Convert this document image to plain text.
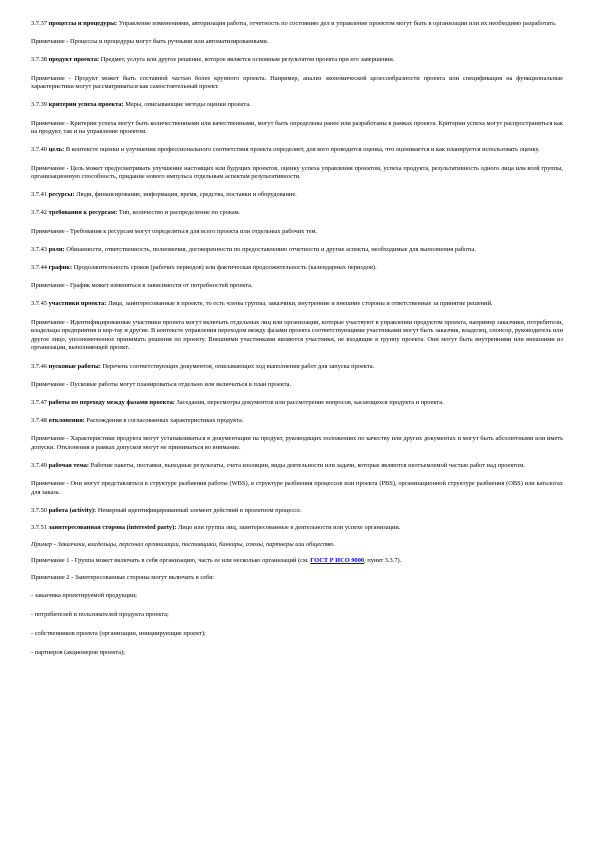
3.7.37 процессы и процедуры: Управление изменениями, авторизация работы, отчетность по состоянию дел и управление проектом могут быть в организации или их необходимо разработать.

Примечание - Процессы и процедуры могут быть ручными или автоматизированными.

3.7.38 продукт проекта: Предмет, услуга или другое решение, которое является основным результатом проекта при его завершении.

Примечание - Продукт может быть составной частью более крупного проекта. Например, анализ экономической целесообразности проекта или спецификация на функциональные характеристики могут рассматриваться как самостоятельный проект.

3.7.39 критерии успеха проекта: Меры, описывающие методы оценки проекта.

Примечание - Критерии успеха могут быть количественными или качественными, могут быть определены ранее или разработаны в рамках проекта. Критерии успеха могут распространяться как на продукт, так и на управление проектом.

3.7.40 цель: В контексте оценки и улучшения профессионального соответствия проекта определяет, для кого проводится оценка, что оценивается и как планируется использовать оценку.

Примечание - Цель может предусматривать улучшение настоящих или будущих проектов, оценку успеха управления проектом, успеха продукта, результативность одного лица или всей группы, организационную способность, придание нового импульса отдельным аспектам результативности.

3.7.41 ресурсы: Люди, финансирование, информация, время, средства, поставки и оборудование.

3.7.42 требования к ресурсам: Тип, количество и распределение по срокам.

Примечание - Требования к ресурсам могут определяться для всего проекта или отдельных рабочих тем.

3.7.43 роли: Обязанности, ответственность, полномочия, договоренности по предоставлению отчетности и другие аспекты, необходимые для выполнения работы.

3.7.44 график: Продолжительность сроков (рабочих периодов) или фактическая продолжительность (календарных периодов).

Примечание - График может изменяться в зависимости от потребностей проекта.

3.7.45 участники проекта: Лица, заинтересованные в проекте, то есть члены группы, заказчики, внутренние и внешние стороны и ответственные за принятие решений.

Примечание - Идентифицированные участники проекта могут включать отдельных лиц или организации, которые участвуют в управлении продуктом проекта, например заказчики, потребители, владельцы предприятия и кор-тау и другие. В контексте управления переходом между фазами проекта соответствующими участниками могут быть заказчик, владелец, спонсор, руководитель или другое лицо, уполномоченное принимать решения по проекту. Внешними участниками являются участники, не входящие в группу проекта. Они могут быть внутренними или внешними из организации, выполняющей проект.

3.7.46 пусковые работы: Перечень соответствующих документов, описывающих ход выполнения работ для запуска проекта.

Примечание - Пусковые работы могут планироваться отдельно или включаться в план проекта.

3.7.47 работы по переходу между фазами проекта: Заседания, пересмотры документов или рассмотрение вопросов, касающихся продукта и проекта.

3.7.48 отклонения: Расхождения в согласованных характеристиках продукта.

Примечание - Характеристики продукта могут устанавливаться в документации на продукт, руководящих положениях по качеству или других документах и могут быть абсолютными или иметь допуски. Отклонения в рамках допусков могут не приниматься во внимание.

3.7.49 рабочая тема: Рабочие пакеты, поставки, выходные результаты, счета изоляции, виды деятельности или задачи, которые являются неотъемлемой частью работ над проектом.

Примечание - Они могут представляться в структуре разбиения работы (WBS), в структуре разбиения процессов или проекта (PBS), организационной структуре разбиения (OBS) или каталогах для заказа.

3.7.50 работа (activity): Немерный идентифицированный элемент действий в проектном процессе.

3.7.51 заинтересованная сторона (interested party): Лицо или группа лиц, заинтересованные в деятельности или успехе организации.

Пример - Заказчики, владельцы, персонал организации, поставщики, банкиры, союзы, партнеры или общество.

Примечание 1 - Группа может включать в себя организацию, часть ее или несколько организаций (см. ГОСТ Р ИСО 9000, пункт 3.3.7).

Примечание 2 - Заинтересованные стороны могут включать в себя:

- заказчика проектируемой продукции;

- потребителей и пользователей продукта проекта;

- собственников проекта (организации, инициирующие проект);

- партнеров (акционеров проекта);
